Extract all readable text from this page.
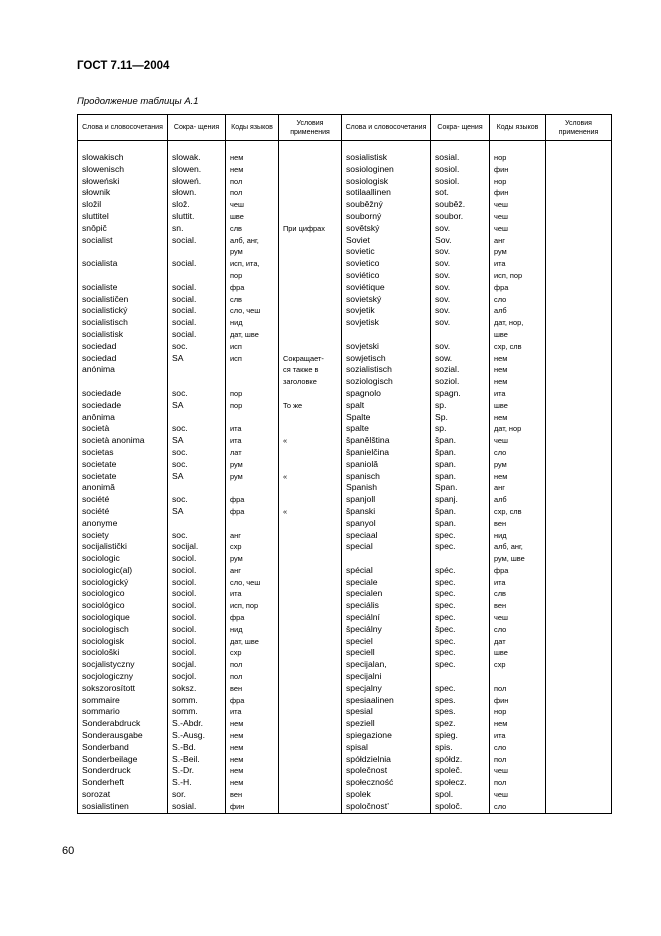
ГОСТ 7.11—2004
Продолжение таблицы А.1
Слова и словосочетания	Сокра- щения	Коды языков	Условия применения	Слова и словосочетания	Сокра- щения	Коды языков	Условия применения

slowakisch	slowak.	нем		sosialistisk	sosial.	нор	
slowenisch	slowen.	нем		sosiologinen	sosiol.	фин	
słoweński	słoweń.	пол		sosiologisk	sosiol.	нор	
słownik	słown.	пол		sotilaallinen	sot.	фин	
složil	slož.	чеш		souběžný	souběž.	чеш	
sluttitel	sluttit.	шве		souborný	soubor.	чеш	
snôpič	sn.	слв	При цифрах	sovětský	sov.	чеш	
socialist	social.	алб, анг,		Soviet	Sov.	анг	
		рум		sovietic	sov.	рум	
socialista	social.	исп, ита,		sovietico	sov.	ита	
		пор		soviético	sov.	исп, пор	
socialiste	social.	фра		soviétique	sov.	фра	
socialističen	social.	слв		sovietský	sov.	сло	
socialistický	social.	сло, чеш		sovjetik	sov.	алб	
socialistisch	social.	нид		sovjetisk	sov.	дат, нор,	
socialistisk	social.	дат, шве				шве	
sociedad	soc.	исп		sovjetski	sov.	схр, слв	
sociedad	SA	исп	Сокращает-	sowjetisch	sow.	нем	
anónima			ся также в	sozialistisch	sozial.	нем	
			заголовке	soziologisch	soziol.	нем	
sociedade	soc.	пор		spagnolo	spagn.	ита	
sociedade	SA	пор	То же	spalt	sp.	шве	
anônima				Spalte	Sp.	нем	
società	soc.	ита		spalte	sp.	дат, нор	
società anonima	SA	ита	«	španělština	špan.	чеш	
societas	soc.	лат		španielčina	špan.	сло	
societate	soc.	рум		spaniolă	span.	рум	
societate	SA	рум	«	spanisch	span.	нем	
anonimă				Spanish	Span.	анг	
société	soc.	фра		spanjoll	spanj.	алб	
société	SA	фра	«	španski	špan.	схр, слв	
anonyme				spanyol	span.	вен	
society	soc.	анг		speciaal	spec.	нид	
socijalistički	socijal.	схр		special	spec.	алб, анг,	
sociologic	sociol.	рум				рум, шве	
sociologic(al)	sociol.	анг		spécial	spéc.	фра	
sociologický	sociol.	сло, чеш		speciale	spec.	ита	
sociologico	sociol.	ита		specialen	spec.	слв	
sociológico	sociol.	исп, пор		speciális	spec.	вен	
sociologique	sociol.	фра		speciální	spec.	чеш	
sociologisch	sociol.	нид		špeciálny	špec.	сло	
sociologisk	sociol.	дат, шве		speciel	spec.	дат	
sociološki	sociol.	схр		speciell	spec.	шве	
socjalistyczny	socjal.	пол		specijalan,	spec.	схр	
socjologiczny	socjol.	пол		specijalni			
sokszorosított	soksz.	вен		specjalny	spec.	пол	
sommaire	somm.	фра		spesiaalinen	spes.	фин	
sommario	somm.	ита		spesial	spes.	нор	
Sonderabdruck	S.-Abdr.	нем		speziell	spez.	нем	
Sonderausgabe	S.-Ausg.	нем		spiegazione	spieg.	ита	
Sonderband	S.-Bd.	нем		spisal	spis.	сло	
Sonderbeilage	S.-Beil.	нем		spółdzielnia	spółdz.	пол	
Sonderdruck	S.-Dr.	нем		společnost	společ.	чеш	
Sonderheft	S.-H.	нем		społeczność	społecz.	пол	
sorozat	sor.	вен		spolek	spol.	чеш	
sosialistinen	sosial.	фин		spoločnost’	spoloč.	сло	
60
